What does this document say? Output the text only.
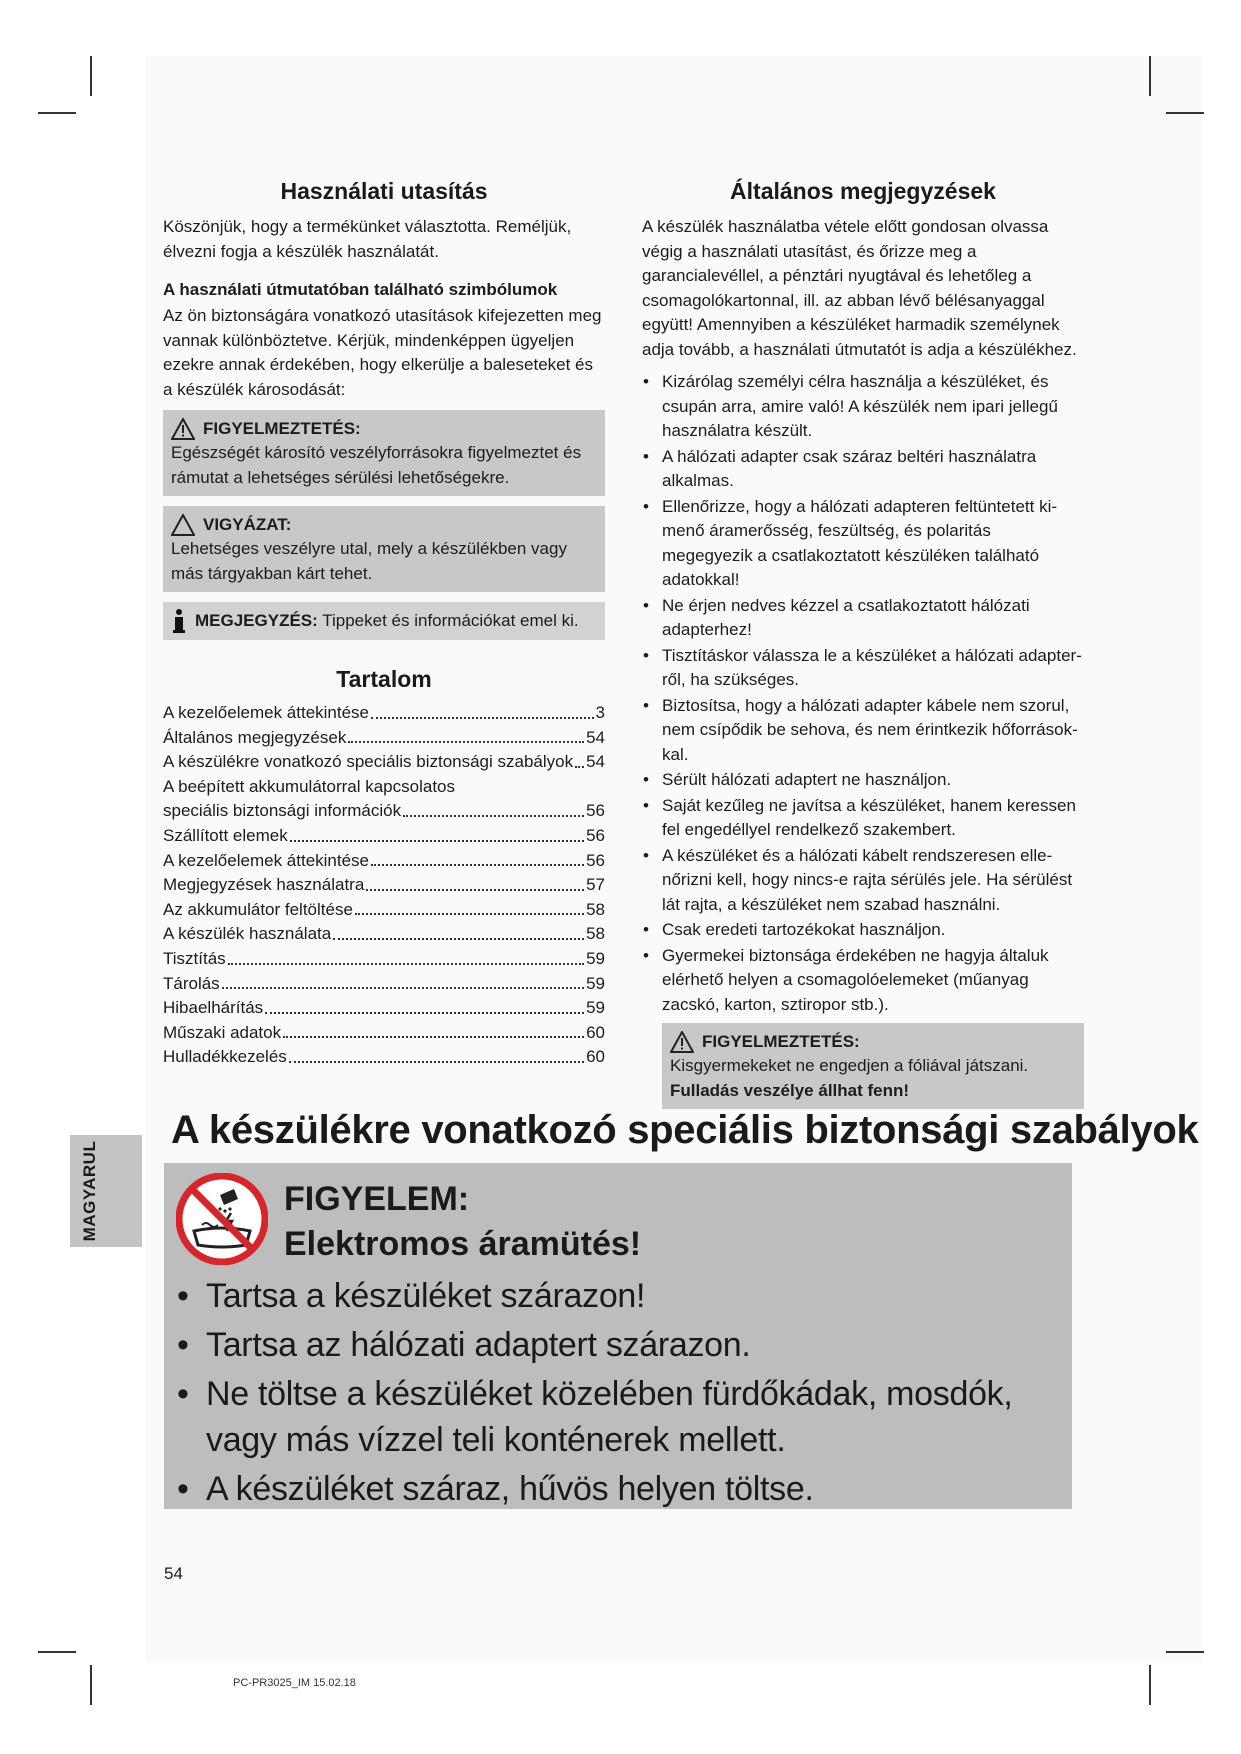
Használati utasítás

Köszönjük, hogy a termékünket választotta. Reméljük, élvezni fogja a készülék használatát.

A használati útmutatóban található szimbólumok

Az ön biztonságára vonatkozó utasítások kifejezetten meg vannak különböztetve. Kérjük, mindenképpen ügyeljen ezekre annak érdekében, hogy elkerülje a baleseteket és a készülék károsodását:

FIGYELMEZTETÉS:
Egészségét károsító veszélyforrásokra figyelmeztet és rámutat a lehetséges sérülési lehetőségekre.
VIGYÁZAT:
Lehetséges veszélyre utal, mely a készülékben vagy más tárgyakban kárt tehet.
MEGJEGYZÉS: Tippeket és információkat emel ki.
Tartalom
A kezelőelemek áttekintése	3
Általános megjegyzések	54
A készülékre vonatkozó speciális biztonsági szabályok 54
A beépített akkumulátorral kapcsolatos
speciális biztonsági információk	56
Szállított elemek	56
A kezelőelemek áttekintése	56
Megjegyzések használatra	57
Az akkumulátor feltöltése	58
A készülék használata	58
Tisztítás	59
Tárolás	59
Hibaelhárítás	59
Műszaki adatok	60
Hulladékkezelés	60
Általános megjegyzések

A készülék használatba vétele előtt gondosan olvassa végig a használati utasítást, és őrizze meg a garancialevéllel, a pénztári nyugtával és lehetőleg a csomagolókartonnal, ill. az abban lévő bélésanyaggal együtt! Amennyiben a készüléket harmadik személynek adja tovább, a használati útmutatót is adja a készülékhez.

• Kizárólag személyi célra használja a készüléket, és csupán arra, amire való! A készülék nem ipari jellegű használatra készült.
• A hálózati adapter csak száraz beltéri használatra alkalmas.
• Ellenőrizze, hogy a hálózati adapteren feltüntetett ki-menő áramerősség, feszültség, és polaritás megegyezik a csatlakoztatott készüléken található adatokkal!
• Ne érjen nedves kézzel a csatlakoztatott hálózati adapterhez!
• Tisztításkor válassza le a készüléket a hálózati adapter-ről, ha szükséges.
• Biztosítsa, hogy a hálózati adapter kábele nem szorul, nem csípődik be sehova, és nem érintkezik hőforrások-kal.
• Sérült hálózati adaptert ne használjon.
• Saját kezűleg ne javítsa a készüléket, hanem keressen fel engedéllyel rendelkező szakembert.
• A készüléket és a hálózati kábelt rendszeresen elle-nőrizni kell, hogy nincs-e rajta sérülés jele. Ha sérülést lát rajta, a készüléket nem szabad használni.
• Csak eredeti tartozékokat használjon.
• Gyermekei biztonsága érdekében ne hagyja általuk elérhető helyen a csomagolóelemeket (műanyag zacskó, karton, sztiropor stb.).
FIGYELMEZTETÉS:
Kisgyermekeket ne engedjen a fóliával játszani.
Fulladás veszélye állhat fenn!
MAGYARUL
A készülékre vonatkozó speciális biztonsági szabályok
FIGYELEM:
Elektromos áramütés!
• Tartsa a készüléket szárazon!
• Tartsa az hálózati adaptert szárazon.
• Ne töltse a készüléket közelében fürdőkádak, mosdók, vagy más vízzel teli konténerek mellett.
• A készüléket száraz, hűvös helyen töltse.
54
PC-PR3025_IM 15.02.18
